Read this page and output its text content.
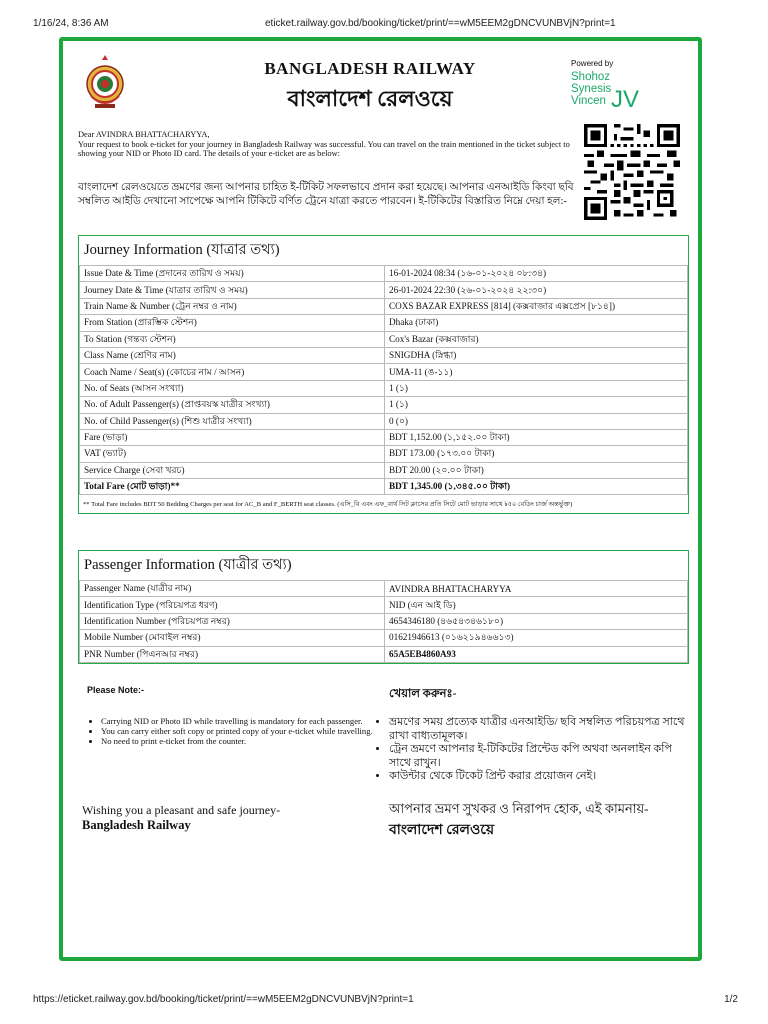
1/16/24, 8:36 AM	eticket.railway.gov.bd/booking/ticket/print/==wM5EEM2gDNCVUNBVjN?print=1
BANGLADESH RAILWAY
বাংলাদেশ রেলওয়ে
Powered by
Shohoz
Synesis
Vincen JV
Dear AVINDRA BHATTACHARYYA,
Your request to book e-ticket for your journey in Bangladesh Railway was successful. You can travel on the train mentioned in the ticket subject to showing your NID or Photo ID card. The details of your e-ticket are as below:
বাংলাদেশ রেলওয়েতে ভ্রমণের জন্য আপনার চাহিত ই-টিকিট সফলভাবে প্রদান করা হয়েছে। আপনার এনআইডি কিংবা ছবি সম্বলিত আইডি দেখানো সাপেক্ষে আপনি টিকিটে বর্ণিত ট্রেনে যাত্রা করতে পারবেন। ই-টিকিটের বিস্তারিত নিম্নে দেয়া হল:-
Journey Information (যাত্রার তথ্য)
Issue Date & Time (প্রদানের তারিখ ও সময়)	16-01-2024 08:34 (১৬-০১-২০২৪ ০৮:৩৪)
Journey Date & Time (যাত্রার তারিখ ও সময়)	26-01-2024 22:30 (২৬-০১-২০২৪ ২২:৩০)
Train Name & Number (ট্রেন নম্বর ও নাম)	COXS BAZAR EXPRESS [814] (কক্সবাজার এক্সপ্রেস [৮১৪])
From Station (প্রারম্ভিক স্টেশন)	Dhaka (ঢাকা)
To Station (গন্তব্য স্টেশন)	Cox's Bazar (কক্সবাজার)
Class Name (শ্রেণির নাম)	SNIGDHA (স্নিগ্ধা)
Coach Name / Seat(s) (কোচের নাম / আসন)	UMA-11 (ঙ-১১)
No. of Seats (আসন সংখ্যা)	1 (১)
No. of Adult Passenger(s) (প্রাপ্তবয়স্ক যাত্রীর সংখ্যা)	1 (১)
No. of Child Passenger(s) (শিশু যাত্রীর সংখ্যা)	0 (০)
Fare (ভাড়া)	BDT 1,152.00 (১,১৫২.০০ টাকা)
VAT (ভ্যাট)	BDT 173.00 (১৭৩.০০ টাকা)
Service Charge (সেবা খরচ)	BDT 20.00 (২০.০০ টাকা)
Total Fare (মোট ভাড়া)**	BDT 1,345.00 (১,৩৪৫.০০ টাকা)
** Total Fare includes BDT 50 Bedding Charges per seat for AC_B and F_BERTH seat classes. (এসি_বি এবং এফ_বার্থ সিট ক্লাসের প্রতি সিটে মোট ভাড়ার সাথে ৳৫০ বেডিং চার্জ অন্তর্ভুক্ত)
Passenger Information (যাত্রীর তথ্য)
Passenger Name (যাত্রীর নাম)	AVINDRA BHATTACHARYYA
Identification Type (পরিচয়পত্র ধরণ)	NID (এন আই ডি)
Identification Number (পরিচয়পত্র নম্বর)	4654346180 (৪৬৫৪৩৪৬১৮০)
Mobile Number (মোবাইল নম্বর)	01621946613 (০১৬২১৯৪৬৬১৩)
PNR Number (পিএনআর নম্বর)	65A5EB4860A93
Please Note:-	খেয়াল করুনঃ-
• Carrying NID or Photo ID while travelling is mandatory for each passenger.
• You can carry either soft copy or printed copy of your e-ticket while travelling.
• No need to print e-ticket from the counter.
• ভ্রমণের সময় প্রত্যেক যাত্রীর এনআইডি/ ছবি সম্বলিত পরিচয়পত্র সাথে রাখা বাধ্যতামূলক।
• ট্রেন ভ্রমণে আপনার ই-টিকিটের প্রিন্টেড কপি অথবা অনলাইন কপি সাথে রাখুন।
• কাউন্টার থেকে টিকেট প্রিন্ট করার প্রয়োজন নেই।
Wishing you a pleasant and safe journey-
Bangladesh Railway
আপনার ভ্রমণ সুখকর ও নিরাপদ হোক, এই কামনায়-
বাংলাদেশ রেলওয়ে
https://eticket.railway.gov.bd/booking/ticket/print/==wM5EEM2gDNCVUNBVjN?print=1	1/2
